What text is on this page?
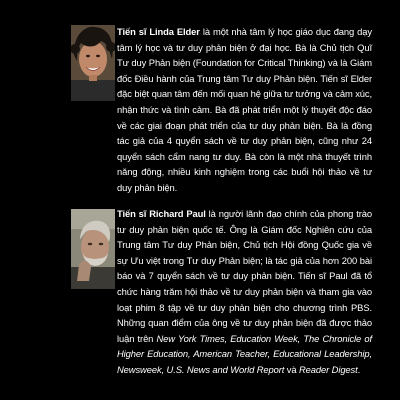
Tiến sĩ Linda Elder là một nhà tâm lý học giáo dục đang dạy tâm lý học và tư duy phản biện ở đại học. Bà là Chủ tịch Quĩ Tư duy Phản biện (Foundation for Critical Thinking) và là Giám đốc Điều hành của Trung tâm Tư duy Phản biện. Tiến sĩ Elder đặc biệt quan tâm đến mối quan hệ giữa tư tưởng và cảm xúc, nhận thức và tình cảm. Bà đã phát triển một lý thuyết độc đáo về các giai đoạn phát triển của tư duy phản biện. Bà là đồng tác giả của 4 quyển sách về tư duy phản biện, cũng như 24 quyển sách cẩm nang tư duy. Bà còn là một nhà thuyết trình năng động, nhiều kinh nghiệm trong các buổi hội thảo về tư duy phản biện.

Tiến sĩ Richard Paul là người lãnh đạo chính của phong trào tư duy phản biện quốc tế. Ông là Giám đốc Nghiên cứu của Trung tâm Tư duy Phản biện, Chủ tịch Hội đồng Quốc gia về sự Ưu việt trong Tư duy Phản biện; là tác giả của hơn 200 bài báo và 7 quyển sách về tư duy phản biện. Tiến sĩ Paul đã tổ chức hàng trăm hội thảo về tư duy phản biện và tham gia vào loạt phim 8 tập về tư duy phản biện cho chương trình PBS. Những quan điểm của ông về tư duy phản biện đã được thảo luận trên New York Times, Education Week, The Chronicle of Higher Education, American Teacher, Educational Leadership, Newsweek, U.S. News and World Report và Reader Digest.
